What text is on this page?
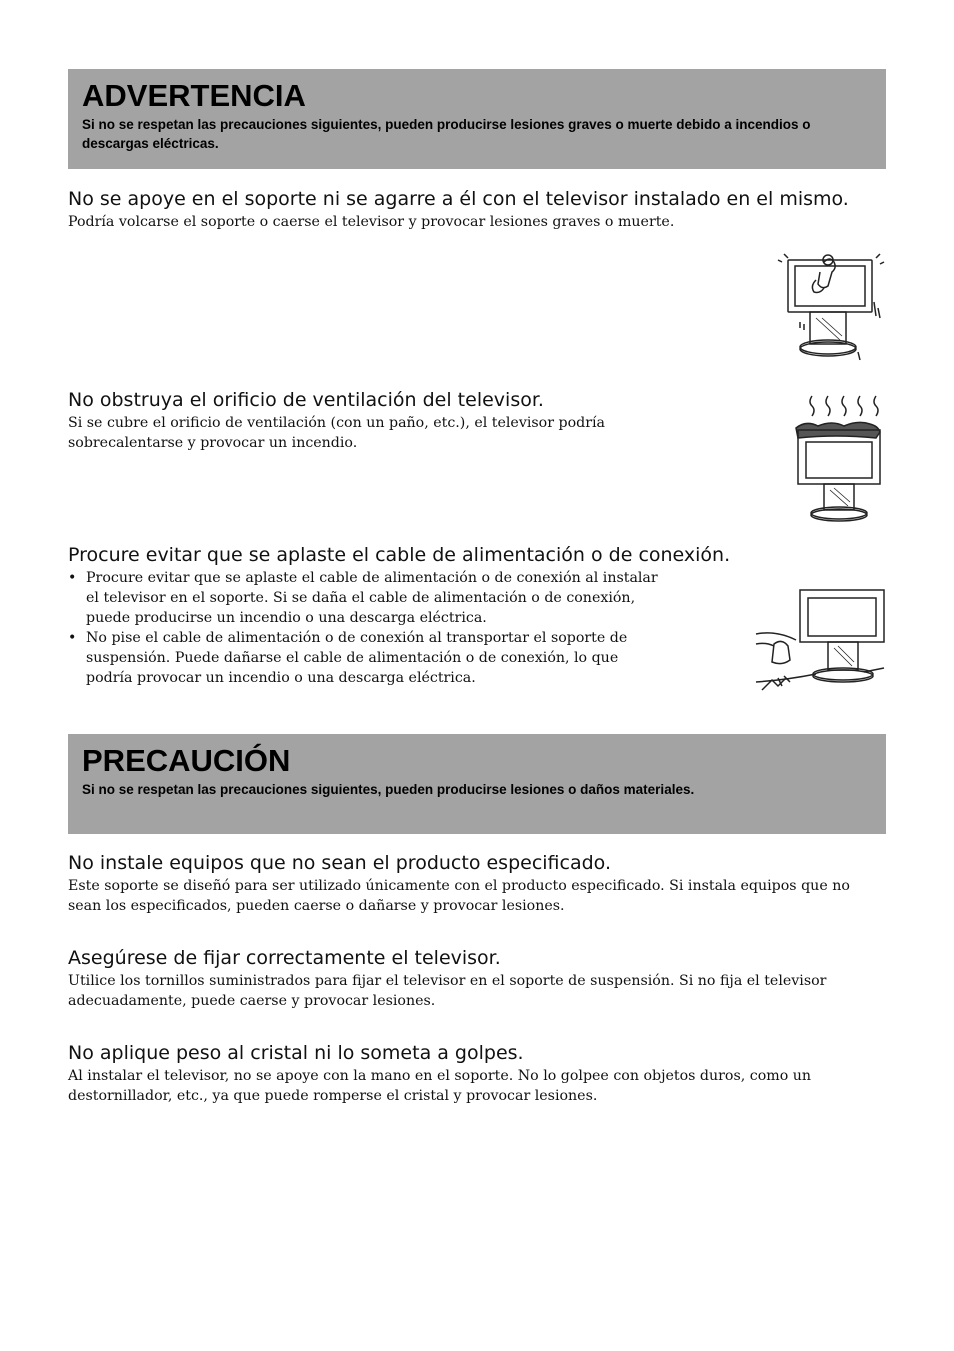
ADVERTENCIA

Si no se respetan las precauciones siguientes, pueden producirse lesiones graves o muerte debido a incendios o descargas eléctricas.

No se apoye en el soporte ni se agarre a él con el televisor instalado en el mismo.

Podría volcarse el soporte o caerse el televisor y provocar lesiones graves o muerte.

No obstruya el orificio de ventilación del televisor.

Si se cubre el orificio de ventilación (con un paño, etc.), el televisor podría sobrecalentarse y provocar un incendio.

Procure evitar que se aplaste el cable de alimentación o de conexión.
• Procure evitar que se aplaste el cable de alimentación o de conexión al instalar el televisor en el soporte. Si se daña el cable de alimentación o de conexión, puede producirse un incendio o una descarga eléctrica.
• No pise el cable de alimentación o de conexión al transportar el soporte de suspensión. Puede dañarse el cable de alimentación o de conexión, lo que podría provocar un incendio o una descarga eléctrica.
PRECAUCIÓN

Si no se respetan las precauciones siguientes, pueden producirse lesiones o daños materiales.

No instale equipos que no sean el producto especificado.

Este soporte se diseñó para ser utilizado únicamente con el producto especificado. Si instala equipos que no sean los especificados, pueden caerse o dañarse y provocar lesiones.

Asegúrese de fijar correctamente el televisor.

Utilice los tornillos suministrados para fijar el televisor en el soporte de suspensión. Si no fija el televisor adecuadamente, puede caerse y provocar lesiones.

No aplique peso al cristal ni lo someta a golpes.

Al instalar el televisor, no se apoye con la mano en el soporte. No lo golpee con objetos duros, como un destornillador, etc., ya que puede romperse el cristal y provocar lesiones.
